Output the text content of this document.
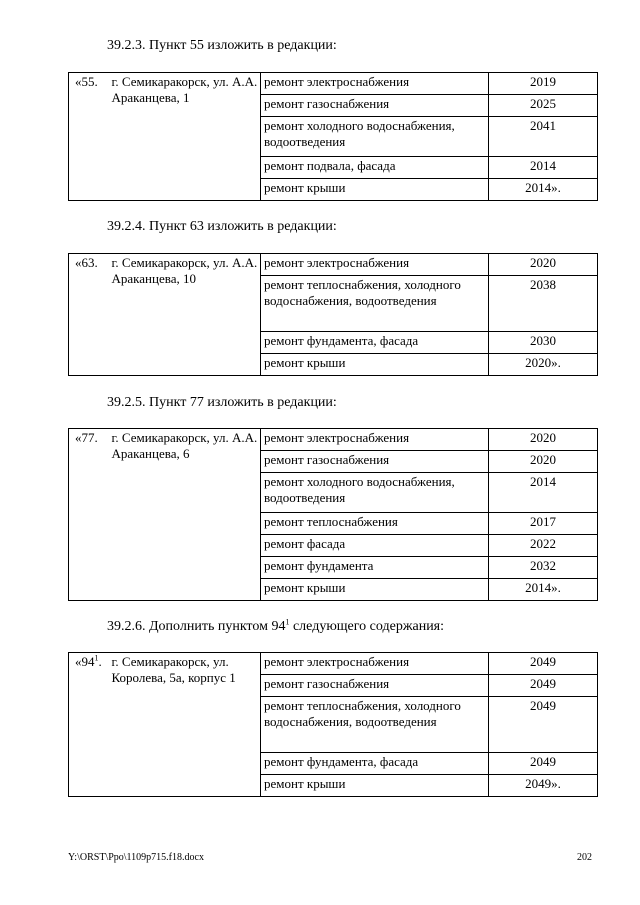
39.2.3. Пункт 55 изложить в редакции:
«55.	г. Семикаракорск, ул. А.А. Араканцева, 1	ремонт электроснабжения	2019
		ремонт газоснабжения	2025
		ремонт холодного водоснабжения, водоотведения	2041
		ремонт подвала, фасада	2014
		ремонт крыши	2014».
39.2.4. Пункт 63 изложить в редакции:
«63.	г. Семикаракорск, ул. А.А. Араканцева, 10	ремонт электроснабжения	2020
		ремонт теплоснабжения, холодного водоснабжения, водоотведения	2038
		ремонт фундамента, фасада	2030
		ремонт крыши	2020».
39.2.5. Пункт 77 изложить в редакции:
«77.	г. Семикаракорск, ул. А.А. Араканцева, 6	ремонт электроснабжения	2020
		ремонт газоснабжения	2020
		ремонт холодного водоснабжения, водоотведения	2014
		ремонт теплоснабжения	2017
		ремонт фасада	2022
		ремонт фундамента	2032
		ремонт крыши	2014».
39.2.6. Дополнить пунктом $94^1$ следующего содержания:
«$94^1$.	г. Семикаракорск, ул. Королева, 5а, корпус 1	ремонт электроснабжения	2049
		ремонт газоснабжения	2049
		ремонт теплоснабжения, холодного водоснабжения, водоотведения	2049
		ремонт фундамента, фасада	2049
		ремонт крыши	2049».
Y:\ORST\Ppo\1109p715.f18.docx	202
